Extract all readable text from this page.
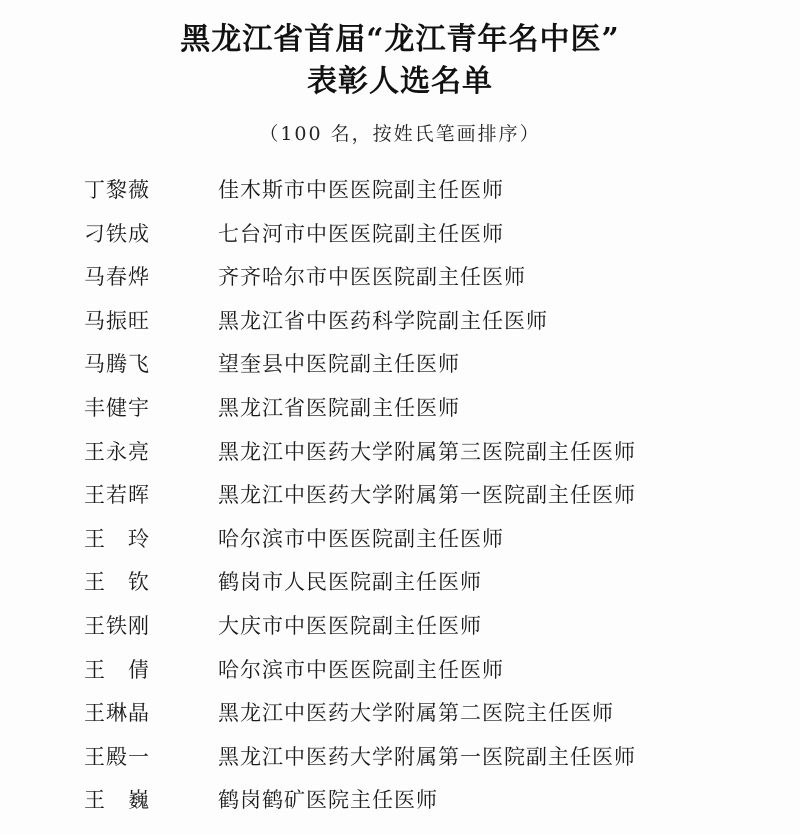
黑龙江省首届“龙江青年名中医”
表彰人选名单
（100 名，按姓氏笔画排序）
丁黎薇	佳木斯市中医医院副主任医师
刁铁成	七台河市中医医院副主任医师
马春烨	齐齐哈尔市中医医院副主任医师
马振旺	黑龙江省中医药科学院副主任医师
马腾飞	望奎县中医院副主任医师
丰健宇	黑龙江省医院副主任医师
王永亮	黑龙江中医药大学附属第三医院副主任医师
王若晖	黑龙江中医药大学附属第一医院副主任医师
王　玲	哈尔滨市中医医院副主任医师
王　钦	鹤岗市人民医院副主任医师
王铁刚	大庆市中医医院副主任医师
王　倩	哈尔滨市中医医院副主任医师
王琳晶	黑龙江中医药大学附属第二医院主任医师
王殿一	黑龙江中医药大学附属第一医院副主任医师
王　巍	鹤岗鹤矿医院主任医师
